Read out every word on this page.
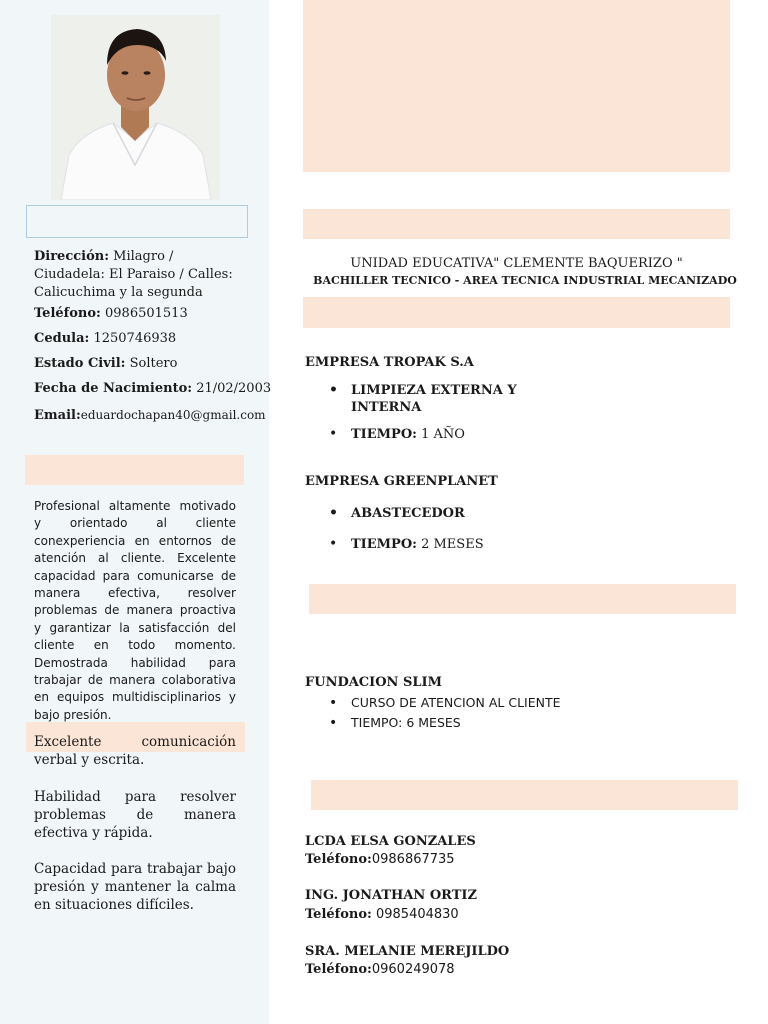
Dirección: Milagro / Ciudadela: El Paraiso / Calles: Calicuchima y la segunda
Teléfono: 0986501513
Cedula: 1250746938
Estado Civil: Soltero
Fecha de Nacimiento: 21/02/2003
Email:eduardochapan40@gmail.com
Profesional altamente motivado y orientado al cliente conexperiencia en entornos de atención al cliente. Excelente capacidad para comunicarse de manera efectiva, resolver problemas de manera proactiva y garantizar la satisfacción del cliente en todo momento. Demostrada habilidad para trabajar de manera colaborativa en equipos multidisciplinarios y bajo presión.
Excelente comunicación verbal y escrita.
Habilidad para resolver problemas de manera efectiva y rápida.
Capacidad para trabajar bajo presión y mantener la calma en situaciones difíciles.
UNIDAD EDUCATIVA" CLEMENTE BAQUERIZO "
BACHILLER TECNICO - AREA TECNICA INDUSTRIAL MECANIZADO
EMPRESA TROPAK S.A
• LIMPIEZA EXTERNA Y INTERNA
• TIEMPO: 1 AÑO
EMPRESA GREENPLANET
• ABASTECEDOR
• TIEMPO: 2 MESES
FUNDACION SLIM
• CURSO DE ATENCION AL CLIENTE
• TIEMPO: 6 MESES
LCDA ELSA GONZALES
Teléfono:0986867735
ING. JONATHAN ORTIZ
Teléfono: 0985404830
SRA. MELANIE MEREJILDO
Teléfono:0960249078
